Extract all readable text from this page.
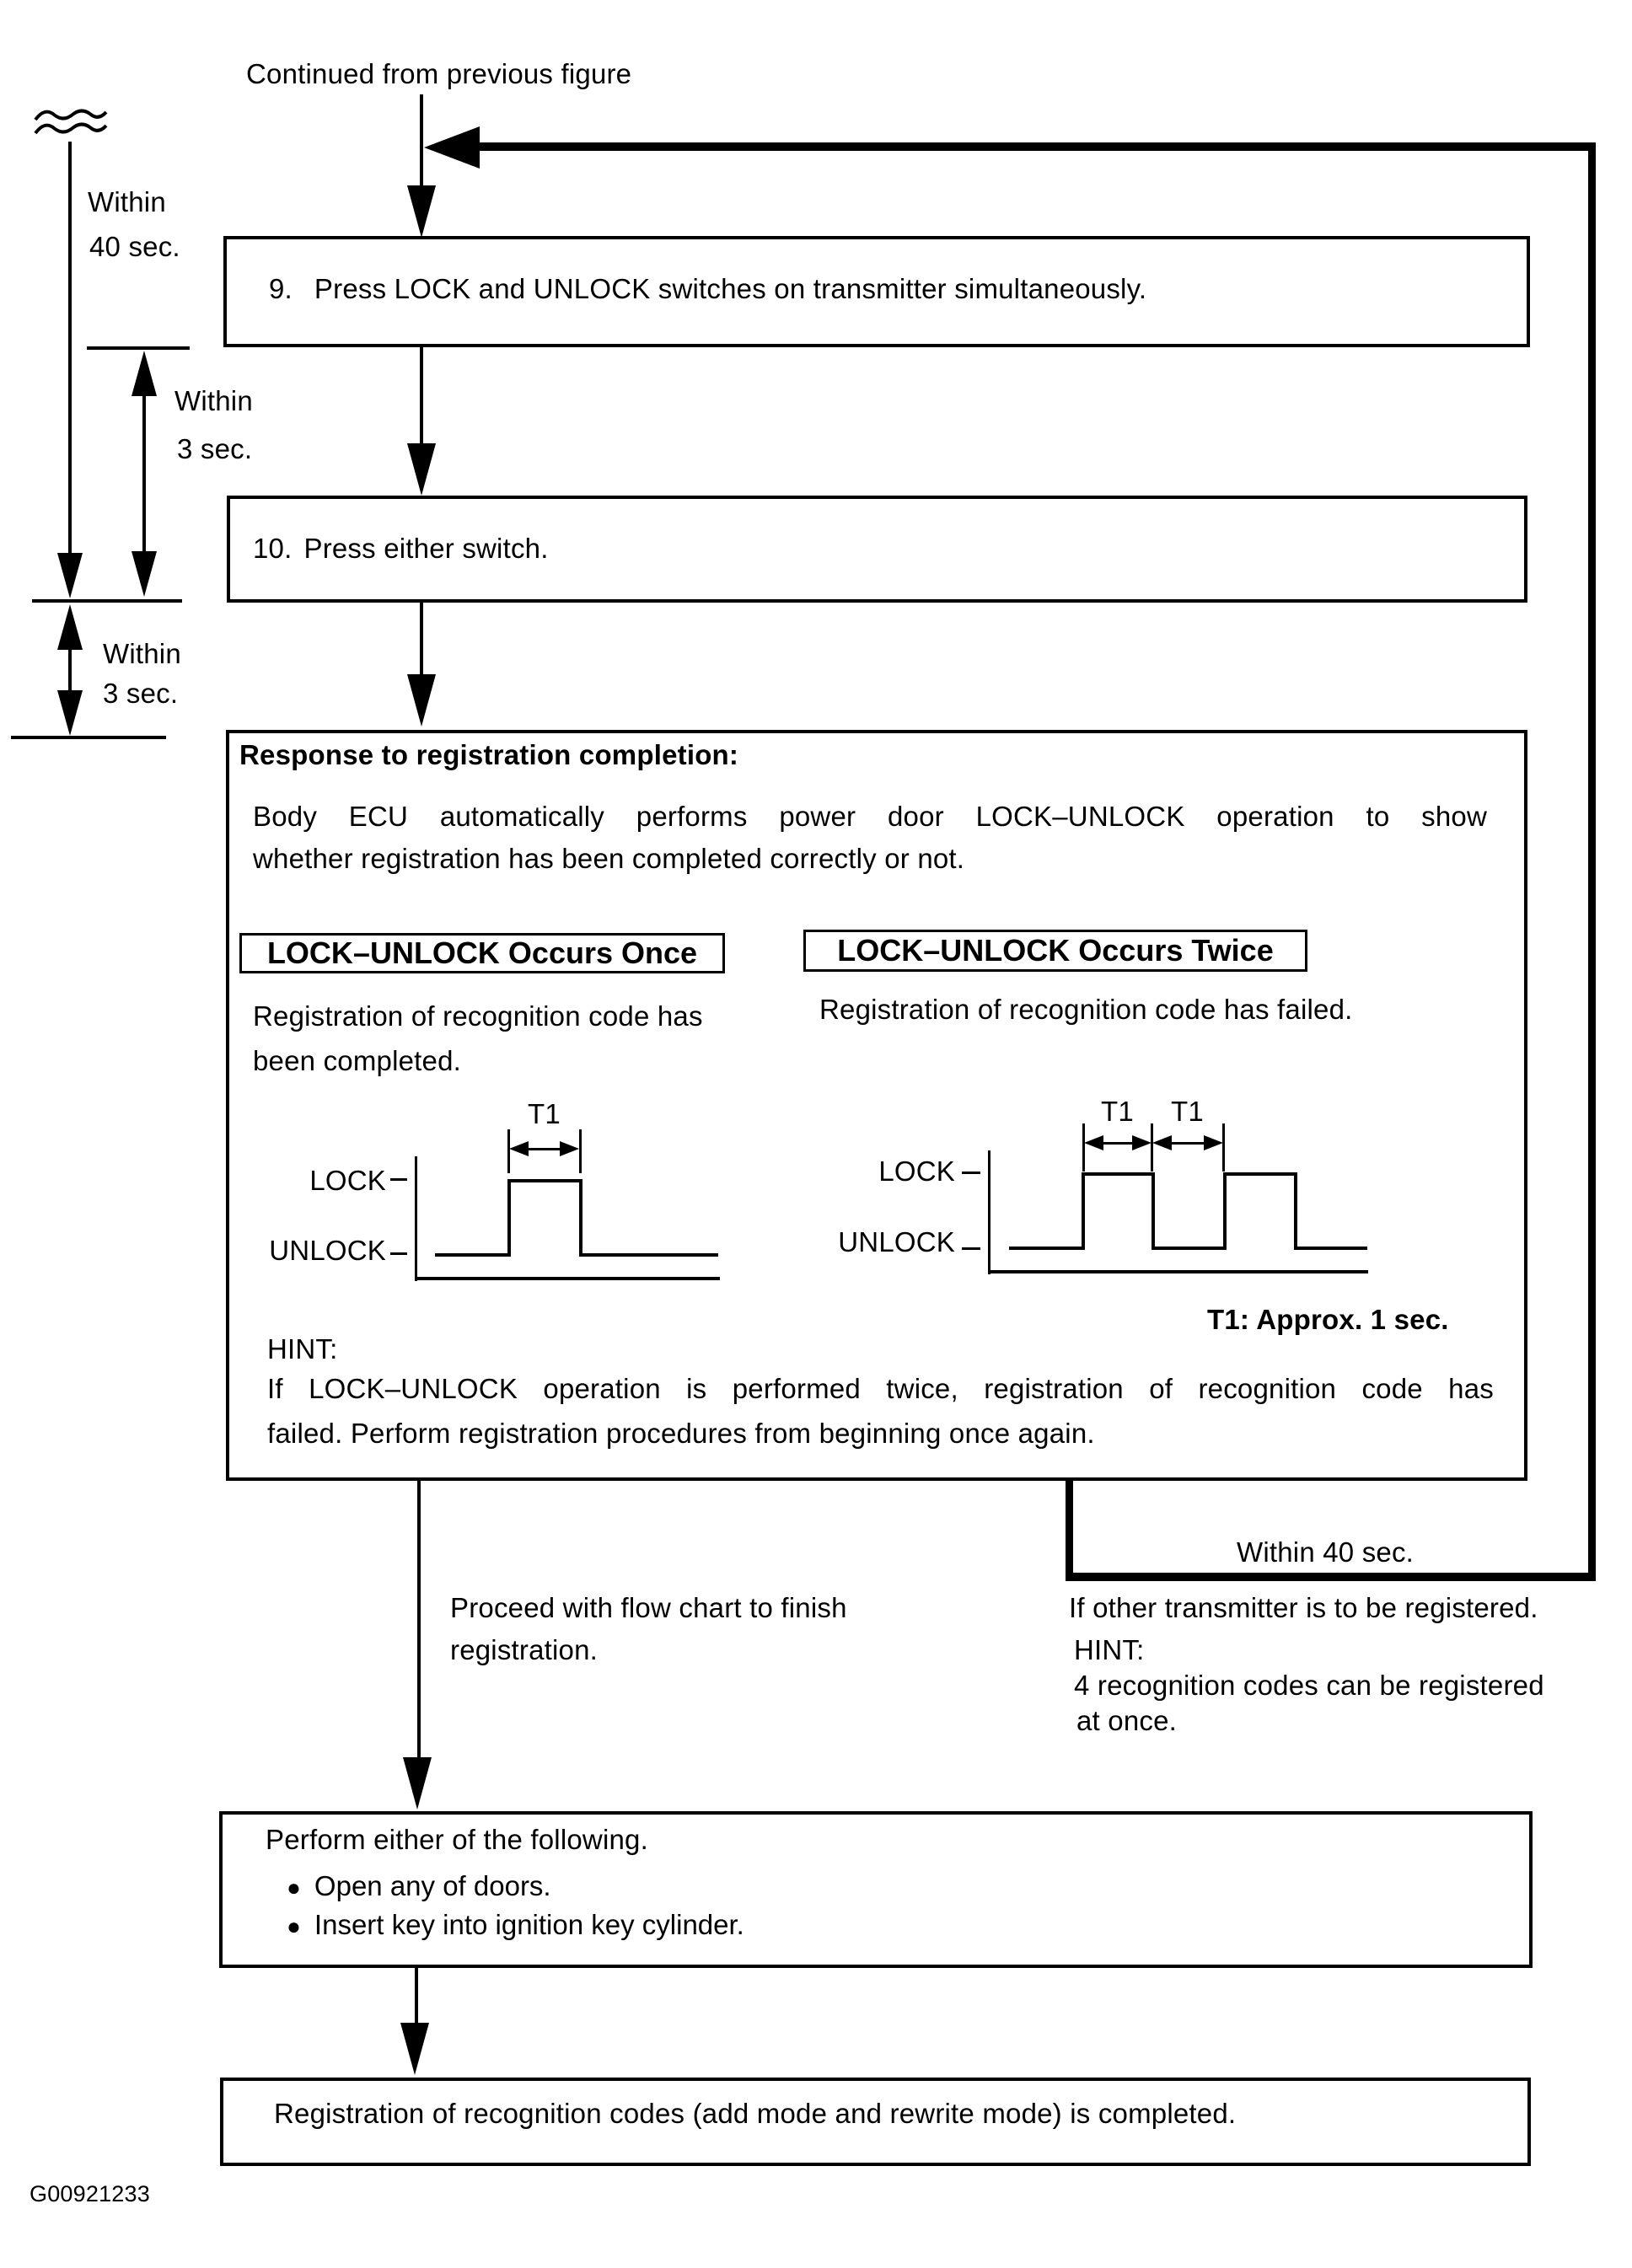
Continued from previous figure
Within
40 sec.
Within
3 sec.
Within
3 sec.
9. Press LOCK and UNLOCK switches on transmitter simultaneously.
10. Press either switch.
Response to registration completion:
Body ECU automatically performs power door LOCK–UNLOCK operation to show
whether registration has been completed correctly or not.
LOCK–UNLOCK Occurs Once	LOCK–UNLOCK Occurs Twice
Registration of recognition code has
been completed.
Registration of recognition code has failed.
T1
LOCK
UNLOCK
T1	T1
LOCK
UNLOCK
T1: Approx. 1 sec.
HINT:
If LOCK–UNLOCK operation is performed twice, registration of recognition code has
failed. Perform registration procedures from beginning once again.
Proceed with flow chart to finish
registration.
Within 40 sec.
If other transmitter is to be registered.
HINT:
4 recognition codes can be registered
at once.
Perform either of the following.
● Open any of doors.
● Insert key into ignition key cylinder.
Registration of recognition codes (add mode and rewrite mode) is completed.
G00921233
